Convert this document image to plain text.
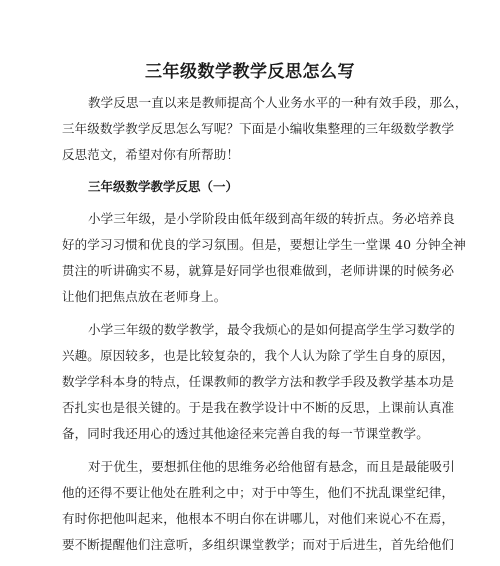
三年级数学教学反思怎么写
教学反思一直以来是教师提高个人业务水平的一种有效手段，那么，
三年级数学教学反思怎么写呢？下面是小编收集整理的三年级数学教学
反思范文，希望对你有所帮助！
三年级数学教学反思（一）
小学三年级，是小学阶段由低年级到高年级的转折点。务必培养良
好的学习习惯和优良的学习氛围。但是，要想让学生一堂课 40 分钟全神
贯注的听讲确实不易，就算是好同学也很难做到，老师讲课的时候务必
让他们把焦点放在老师身上。
小学三年级的数学教学，最令我烦心的是如何提高学生学习数学的
兴趣。原因较多，也是比较复杂的，我个人认为除了学生自身的原因，
数学学科本身的特点，任课教师的教学方法和教学手段及教学基本功是
否扎实也是很关键的。于是我在教学设计中不断的反思，上课前认真准
备，同时我还用心的透过其他途径来完善自我的每一节课堂教学。
对于优生，要想抓住他的思维务必给他留有悬念，而且是最能吸引
他的还得不要让他处在胜利之中；对于中等生，他们不扰乱课堂纪律，
有时你把他叫起来，他根本不明白你在讲哪儿，对他们来说心不在焉，
要不断提醒他们注意听，多组织课堂教学；而对于后进生，首先给他们
